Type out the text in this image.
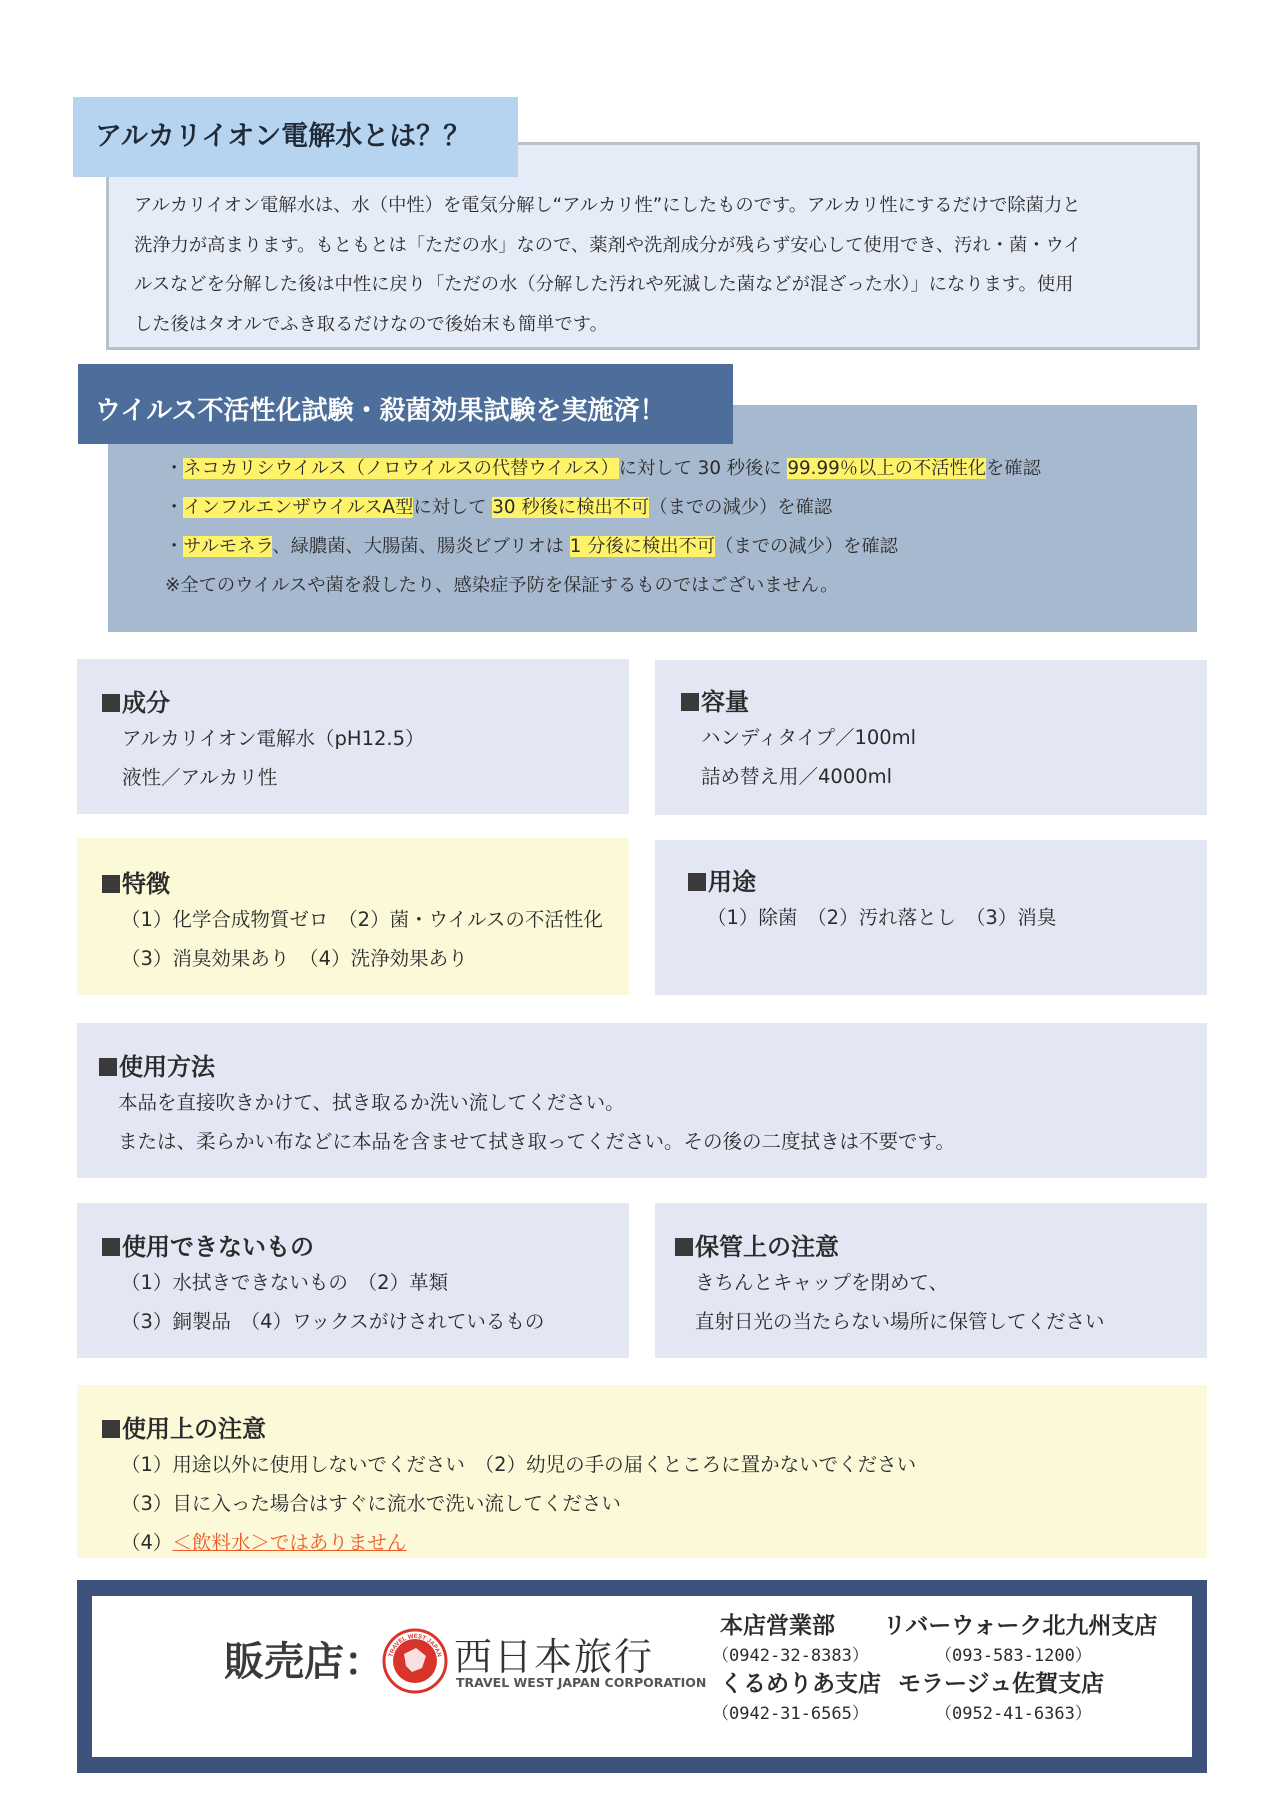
アルカリイオン電解水とは？？

アルカリイオン電解水は、水（中性）を電気分解し“アルカリ性”にしたものです。アルカリ性にするだけで除菌力と

洗浄力が高まります。もともとは「ただの水」なので、薬剤や洗剤成分が残らず安心して使用でき、汚れ・菌・ウイ

ルスなどを分解した後は中性に戻り「ただの水（分解した汚れや死滅した菌などが混ざった水）」になります。使用

した後はタオルでふき取るだけなので後始末も簡単です。

ウイルス不活性化試験・殺菌効果試験を実施済！
・ネコカリシウイルス（ノロウイルスの代替ウイルス）に対して 30 秒後に 99.99％以上の不活性化を確認
・インフルエンザウイルスA型に対して 30 秒後に検出不可（までの減少）を確認
・サルモネラ、緑膿菌、大腸菌、腸炎ビブリオは 1 分後に検出不可（までの減少）を確認
※全てのウイルスや菌を殺したり、感染症予防を保証するものではございません。
成分

アルカリイオン電解水（pH12.5）

液性／アルカリ性

容量

ハンディタイプ／100ml

詰め替え用／4000ml

特徴

（1）化学合成物質ゼロ　（2）菌・ウイルスの不活性化

（3）消臭効果あり　（4）洗浄効果あり

用途

（1）除菌　（2）汚れ落とし　（3）消臭

使用方法

本品を直接吹きかけて、拭き取るか洗い流してください。

または、柔らかい布などに本品を含ませて拭き取ってください。その後の二度拭きは不要です。

使用できないもの

（1）水拭きできないもの　（2）革類

（3）銅製品　（4）ワックスがけされているもの

保管上の注意

きちんとキャップを閉めて、

直射日光の当たらない場所に保管してください

使用上の注意

（1）用途以外に使用しないでください　（2）幼児の手の届くところに置かないでください

（3）目に入った場合はすぐに流水で洗い流してください

（4）＜飲料水＞ではありません

販売店： TRAVEL WEST JAPAN 西日本旅行
TRAVEL WEST JAPAN CORPORATION
本店営業部
（0942-32-8383）
リバーウォーク北九州支店
（093-583-1200）
くるめりあ支店
（0942-31-6565）
モラージュ佐賀支店
（0952-41-6363）
